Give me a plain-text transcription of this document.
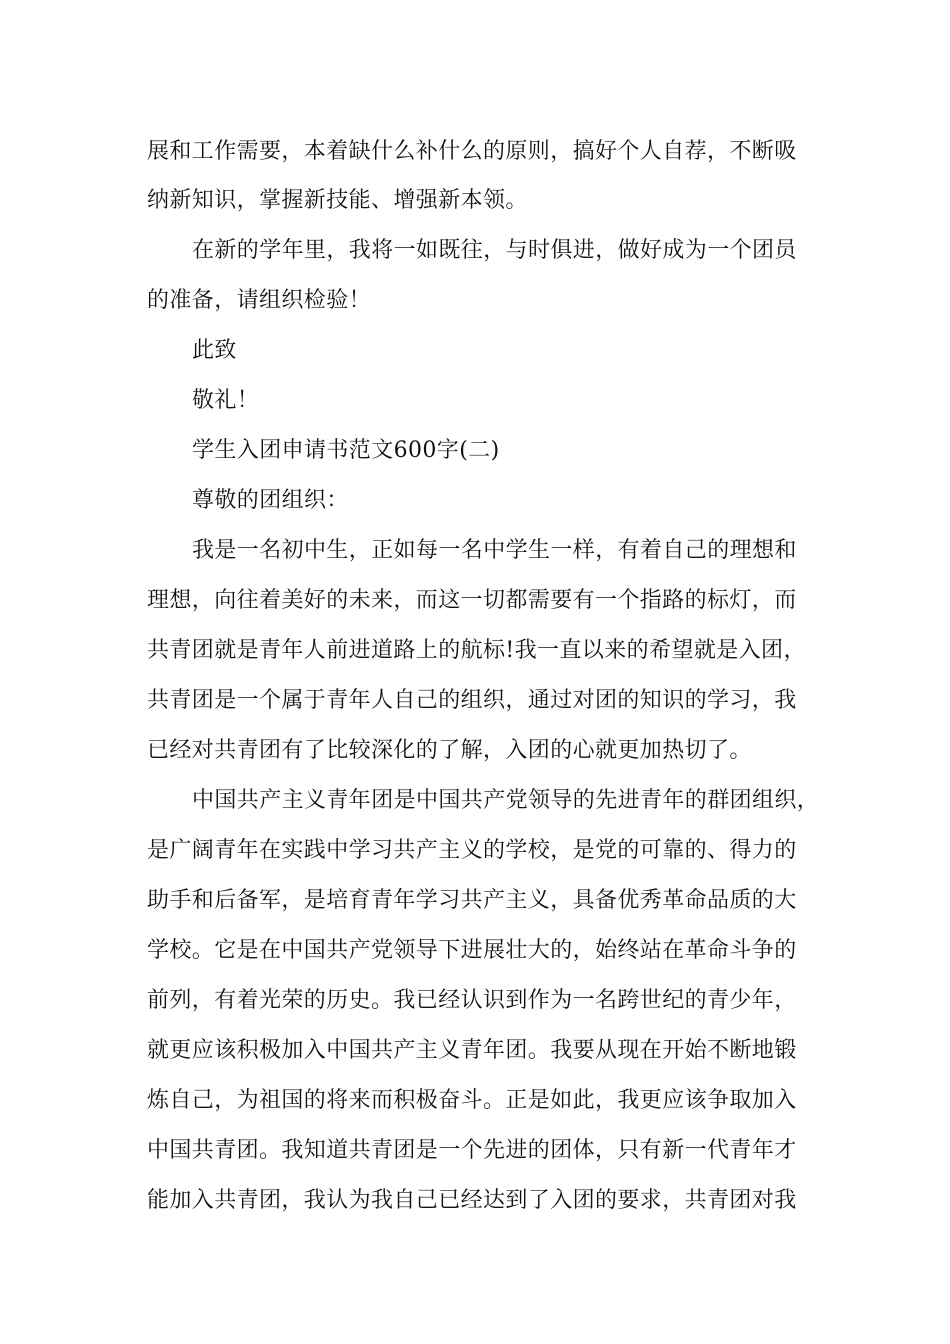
展和工作需要，本着缺什么补什么的原则，搞好个人自荐，不断吸
纳新知识，掌握新技能、增强新本领。
在新的学年里，我将一如既往，与时俱进，做好成为一个团员
的准备，请组织检验！
此致
敬礼！
学生入团申请书范文600字(二)
尊敬的团组织：
我是一名初中生，正如每一名中学生一样，有着自己的理想和
理想，向往着美好的未来，而这一切都需要有一个指路的标灯，而
共青团就是青年人前进道路上的航标!我一直以来的希望就是入团，
共青团是一个属于青年人自己的组织，通过对团的知识的学习，我
已经对共青团有了比较深化的了解，入团的心就更加热切了。
中国共产主义青年团是中国共产党领导的先进青年的群团组织，
是广阔青年在实践中学习共产主义的学校，是党的可靠的、得力的
助手和后备军，是培育青年学习共产主义，具备优秀革命品质的大
学校。它是在中国共产党领导下进展壮大的，始终站在革命斗争的
前列，有着光荣的历史。我已经认识到作为一名跨世纪的青少年，
就更应该积极加入中国共产主义青年团。我要从现在开始不断地锻
炼自己，为祖国的将来而积极奋斗。正是如此，我更应该争取加入
中国共青团。我知道共青团是一个先进的团体，只有新一代青年才
能加入共青团，我认为我自己已经达到了入团的要求，共青团对我
